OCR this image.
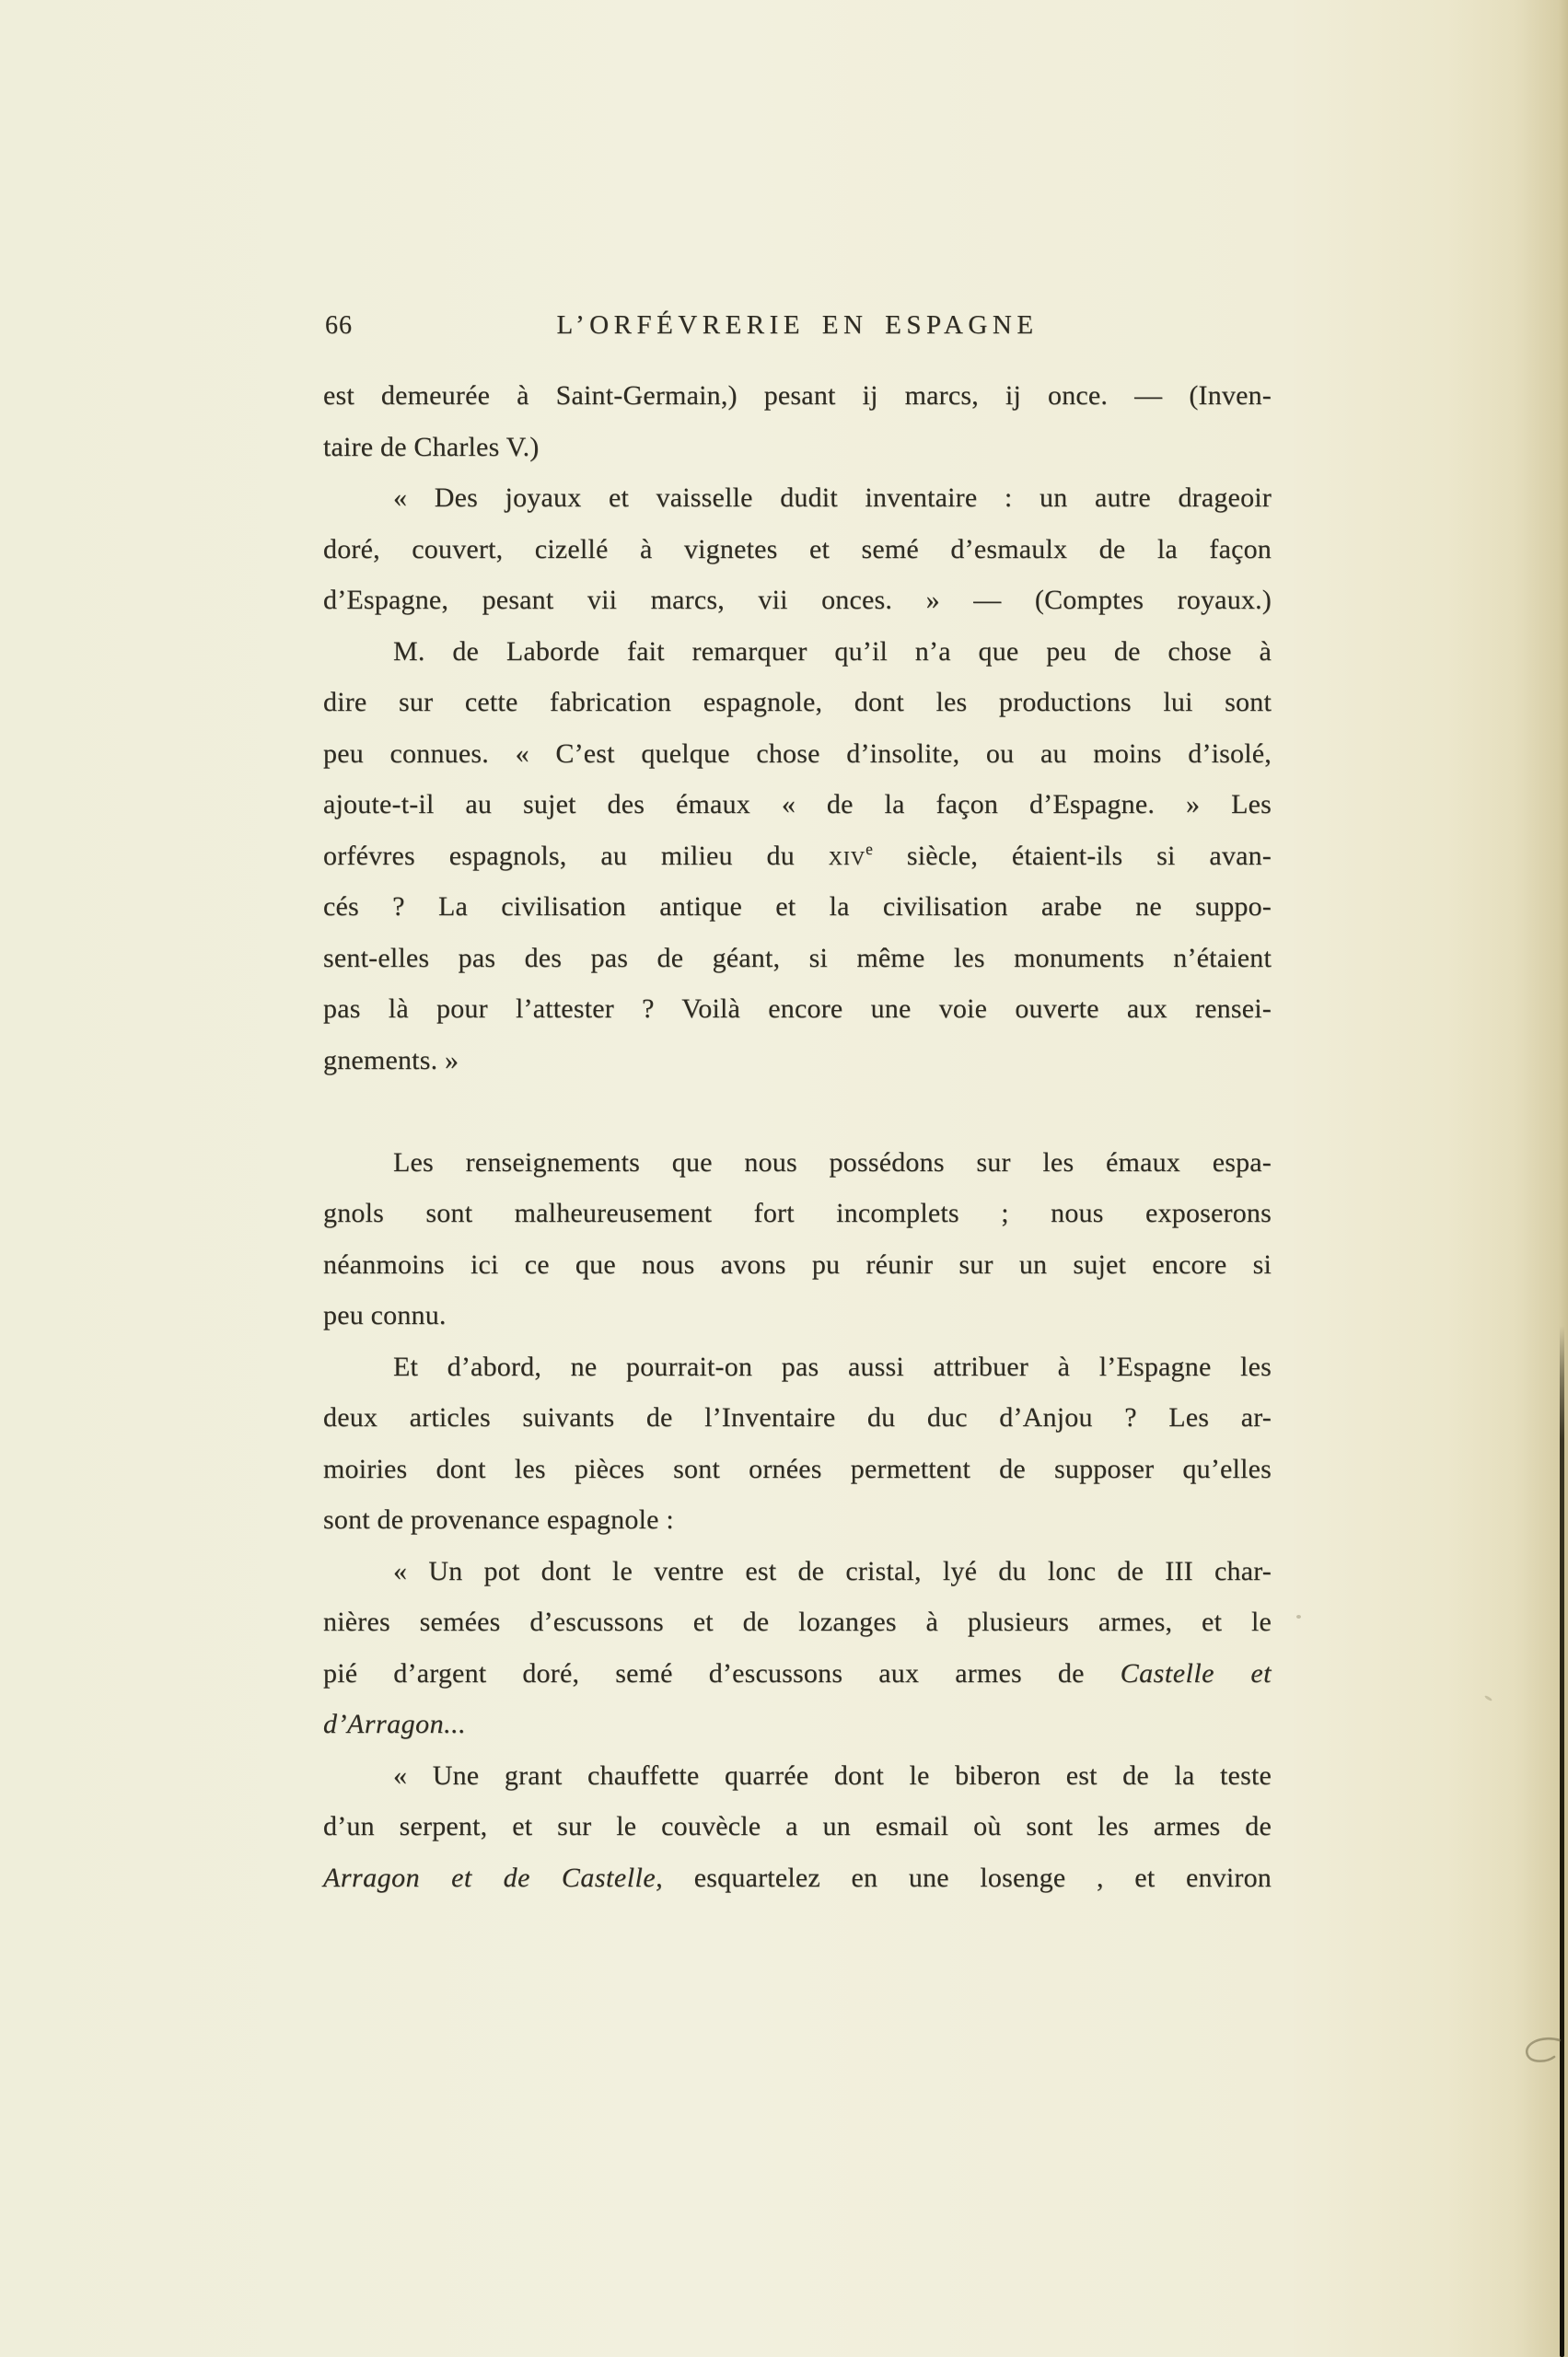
66	L’ORFÉVRERIE EN ESPAGNE
est demeurée à Saint-Germain,) pesant ij marcs, ij once. — (Inven-
taire de Charles V.)
« Des joyaux et vaisselle dudit inventaire : un autre drageoir
doré, couvert, cizellé à vignetes et semé d’esmaulx de la façon
d’Espagne, pesant vii marcs, vii onces. » — (Comptes royaux.)
M. de Laborde fait remarquer qu’il n’a que peu de chose à
dire sur cette fabrication espagnole, dont les productions lui sont
peu connues. « C’est quelque chose d’insolite, ou au moins d’isolé,
ajoute-t-il au sujet des émaux « de la façon d’Espagne. » Les
orfévres espagnols, au milieu du xiv$^e$ siècle, étaient-ils si avan-
cés ? La civilisation antique et la civilisation arabe ne suppo-
sent-elles pas des pas de géant, si même les monuments n’étaient
pas là pour l’attester ? Voilà encore une voie ouverte aux rensei-
gnements. »
Les renseignements que nous possédons sur les émaux espa-
gnols sont malheureusement fort incomplets ; nous exposerons
néanmoins ici ce que nous avons pu réunir sur un sujet encore si
peu connu.
Et d’abord, ne pourrait-on pas aussi attribuer à l’Espagne les
deux articles suivants de l’Inventaire du duc d’Anjou ? Les ar-
moiries dont les pièces sont ornées permettent de supposer qu’elles
sont de provenance espagnole :
« Un pot dont le ventre est de cristal, lyé du lonc de III char-
nières semées d’escussons et de lozanges à plusieurs armes, et le
pié d’argent doré, semé d’escussons aux armes de Castelle et
d’Arragon...
« Une grant chauffette quarrée dont le biberon est de la teste
d’un serpent, et sur le couvècle a un esmail où sont les armes de
Arragon et de Castelle, esquartelez en une losenge , et environ
